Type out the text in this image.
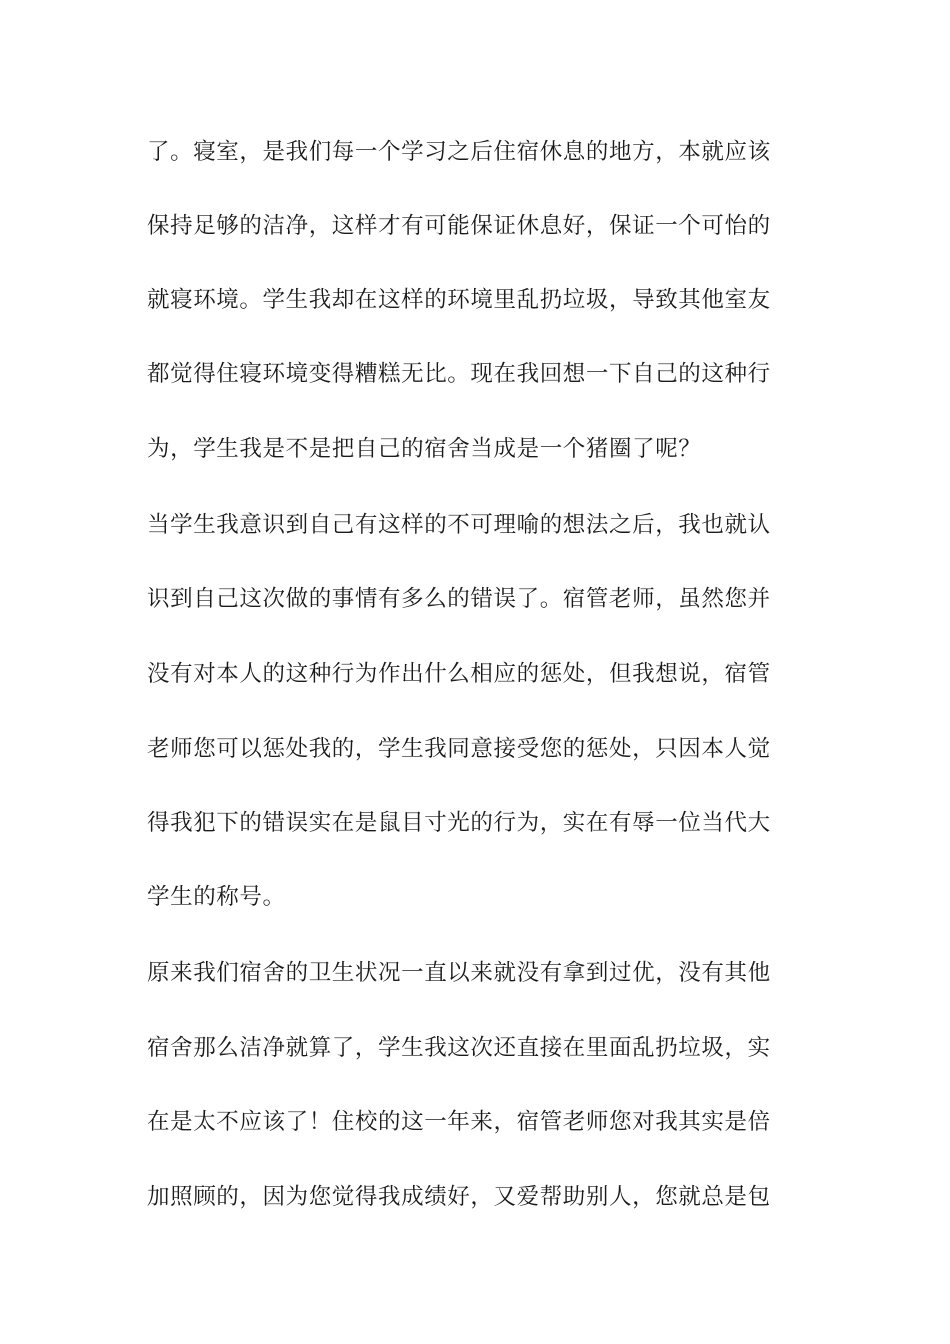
了。寝室，是我们每一个学习之后住宿休息的地方，本就应该
保持足够的洁净，这样才有可能保证休息好，保证一个可怡的
就寝环境。学生我却在这样的环境里乱扔垃圾，导致其他室友
都觉得住寝环境变得糟糕无比。现在我回想一下自己的这种行
为，学生我是不是把自己的宿舍当成是一个猪圈了呢？
当学生我意识到自己有这样的不可理喻的想法之后，我也就认
识到自己这次做的事情有多么的错误了。宿管老师，虽然您并
没有对本人的这种行为作出什么相应的惩处，但我想说，宿管
老师您可以惩处我的，学生我同意接受您的惩处，只因本人觉
得我犯下的错误实在是鼠目寸光的行为，实在有辱一位当代大
学生的称号。
原来我们宿舍的卫生状况一直以来就没有拿到过优，没有其他
宿舍那么洁净就算了，学生我这次还直接在里面乱扔垃圾，实
在是太不应该了！住校的这一年来，宿管老师您对我其实是倍
加照顾的，因为您觉得我成绩好，又爱帮助别人，您就总是包
